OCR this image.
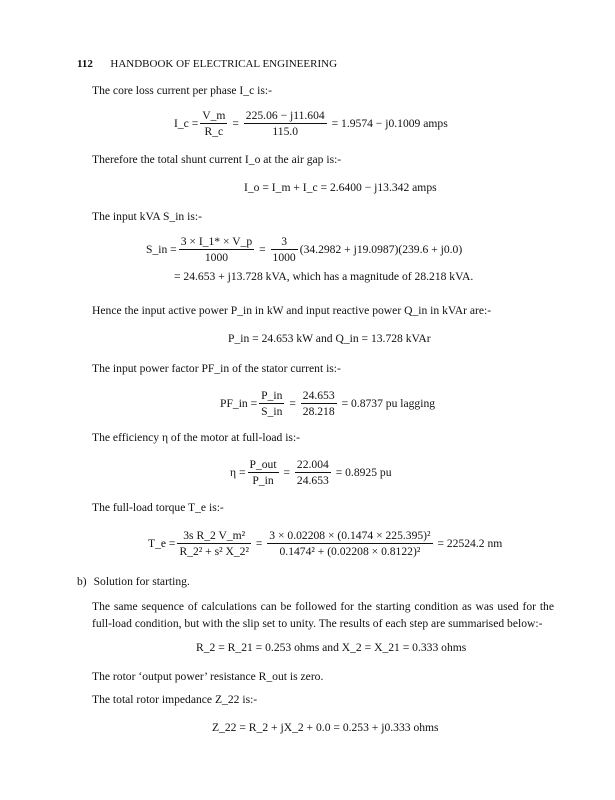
112 HANDBOOK OF ELECTRICAL ENGINEERING
The core loss current per phase I_c is:-
I_c = $\frac{V\_m}{R\_c} = \frac{225.06 - j11.604}{115.0}$
= 1.9574 − j0.1009 amps
Therefore the total shunt current I_o at the air gap is:-
I_o = I_m + I_c = 2.6400 − j13.342 amps
The input kVA S_in is:-
S_in = $\frac{3 \times I\_1* \times V\_p}{1000} = \frac{3}{1000} (34.2982 + j19.0987)(239.6 + j0.0)$
= 24.653 + j13.728 kVA, which has a magnitude of 28.218 kVA.
Hence the input active power P_in in kW and input reactive power Q_in in kVAr are:-
P_in = 24.653 kW and Q_in = 13.728 kVAr
The input power factor PF_in of the stator current is:-
PF_in = $\frac{P\_in}{S\_in} = \frac{24.653}{28.218}$
= 0.8737 pu lagging
The efficiency η of the motor at full-load is:-
$\eta = \frac{\text{P\_out}}{P\_in} = \frac{22.004}{24.653}$
= 0.8925 pu
The full-load torque T_e is:-
T_e = $\frac{\text{3s R\_2 V\_m²}}{\text{R\_2² + s² X\_2²}} = \frac{\text{3 × 0.02208 × (0.1474 × 225.395)²}}{\text{0.1474² + (0.02208 × 0.8122)²}}$
= 22524.2 nm
b) Solution for starting.
The same sequence of calculations can be followed for the starting condition as was used for the full-load condition, but with the slip set to unity. The results of each step are summarised below:-
R_2 = R_21 = 0.253 ohms and X_2 = X_21 = 0.333 ohms
The rotor ‘output power’ resistance R_out is zero.
The total rotor impedance Z_22 is:-
Z_22 = R_2 + jX_2 + 0.0 = 0.253 + j0.333 ohms
